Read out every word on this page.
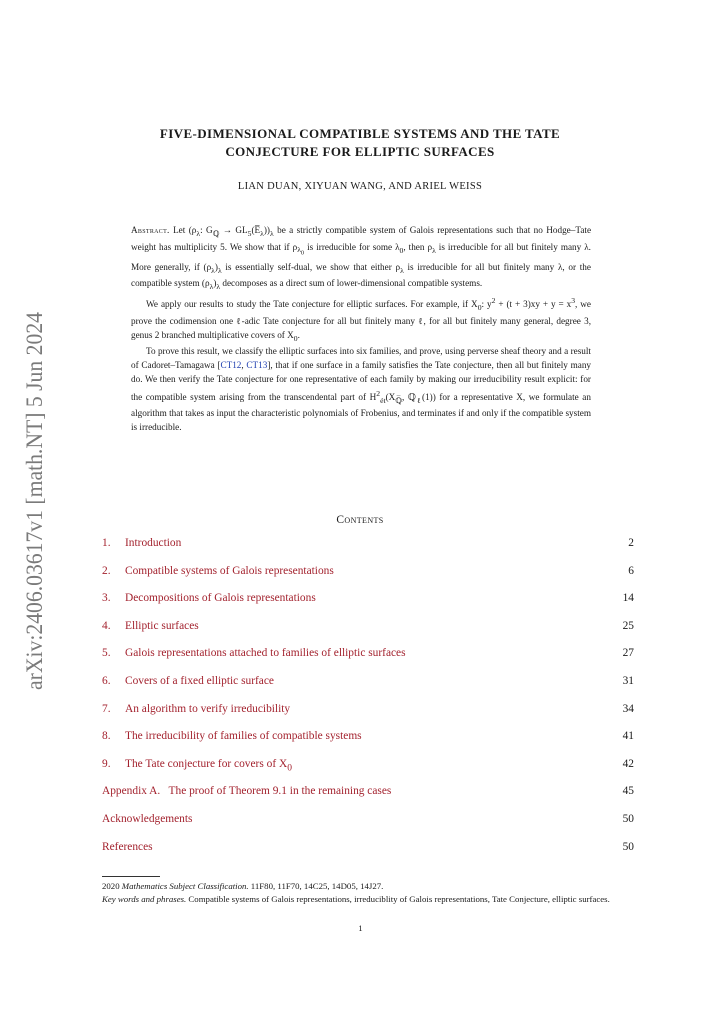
arXiv:2406.03617v1 [math.NT] 5 Jun 2024
FIVE-DIMENSIONAL COMPATIBLE SYSTEMS AND THE TATE
CONJECTURE FOR ELLIPTIC SURFACES
LIAN DUAN, XIYUAN WANG, AND ARIEL WEISS

Abstract. Let ($\rho_\lambda$: $G_ℚ$ → $GL_5(E̅_\lambda))_\lambda$ be a strictly compatible system of Galois representations such that no Hodge–Tate weight has multiplicity 5. We show that if $\rho_{\lambda_0}$ is irreducible for some $\lambda_0$, then $\rho_\lambda$ is irreducible for all but finitely many λ. More generally, if $(\rho_\lambda)_\lambda$ is essentially self-dual, we show that either $\rho_\lambda$ is irreducible for all but finitely many λ, or the compatible system $(\rho_\lambda)_\lambda$ decomposes as a direct sum of lower-dimensional compatible systems.

We apply our results to study the Tate conjecture for elliptic surfaces. For example, if $X_0$: $y^2 + (t + 3)xy + y = x^3$, we prove the codimension one ℓ-adic Tate conjecture for all but finitely many ℓ, for all but finitely many general, degree 3, genus 2 branched multiplicative covers of $X_0$.

To prove this result, we classify the elliptic surfaces into six families, and prove, using perverse sheaf theory and a result of Cadoret–Tamagawa [CT12, CT13], that if one surface in a family satisfies the Tate conjecture, then all but finitely many do. We then verify the Tate conjecture for one representative of each family by making our irreducibility result explicit: for the compatible system arising from the transcendental part of $H^2_{ét}(X_{ℚ̅}$, ℚ$_\ell$(1)) for a representative X, we formulate an algorithm that takes as input the characteristic polynomials of Frobenius, and terminates if and only if the compatible system is irreducible.

Contents
1. Introduction	2
2. Compatible systems of Galois representations	6
3. Decompositions of Galois representations	14
4. Elliptic surfaces	25
5. Galois representations attached to families of elliptic surfaces	27
6. Covers of a fixed elliptic surface	31
7. An algorithm to verify irreducibility	34
8. The irreducibility of families of compatible systems	41
9. The Tate conjecture for covers of $X_0$	42
Appendix A.   The proof of Theorem 9.1 in the remaining cases	45
Acknowledgements	50
References	50

2020 Mathematics Subject Classification. 11F80, 11F70, 14C25, 14D05, 14J27.

Key words and phrases. Compatible systems of Galois representations, irreduciblity of Galois representations, Tate Conjecture, elliptic surfaces.

1
